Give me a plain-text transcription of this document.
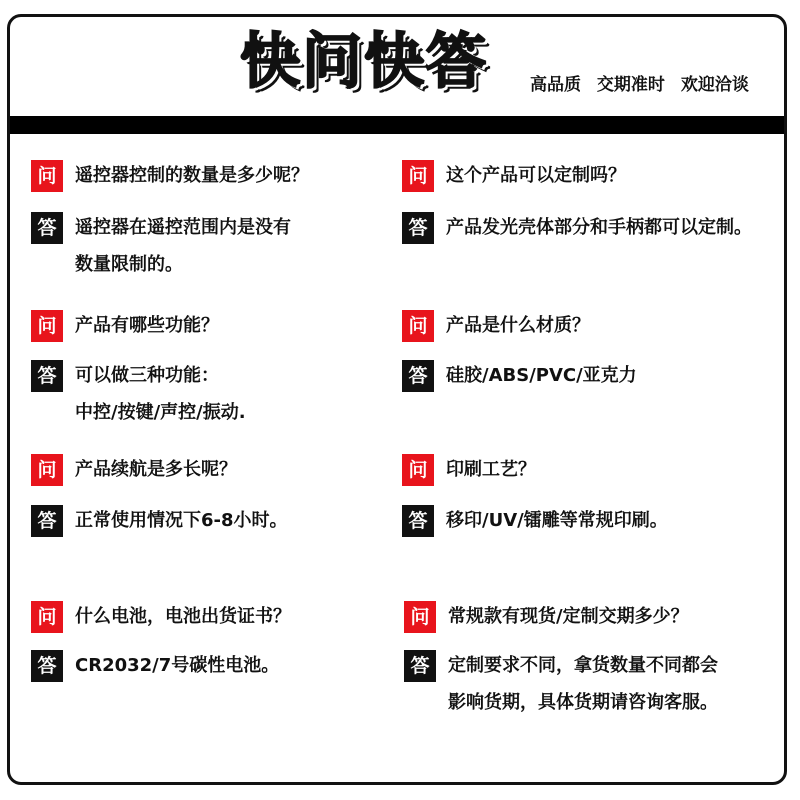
快问快答 高品质 交期准时 欢迎洽谈
问	遥控器控制的数量是多少呢？
答	遥控器在遥控范围内是没有
数量限制的。
问	这个产品可以定制吗？
答	产品发光壳体部分和手柄都可以定制。
问	产品有哪些功能？
答	可以做三种功能：
中控/按键/声控/振动.
问	产品是什么材质？
答	硅胶/ABS/PVC/亚克力
问	产品续航是多长呢？
答	正常使用情况下6-8小时。
问	印刷工艺？
答	移印/UV/镭雕等常规印刷。
问	什么电池，电池出货证书？
答	CR2032/7号碳性电池。
问	常规款有现货/定制交期多少？
答	定制要求不同，拿货数量不同都会
影响货期，具体货期请咨询客服。
